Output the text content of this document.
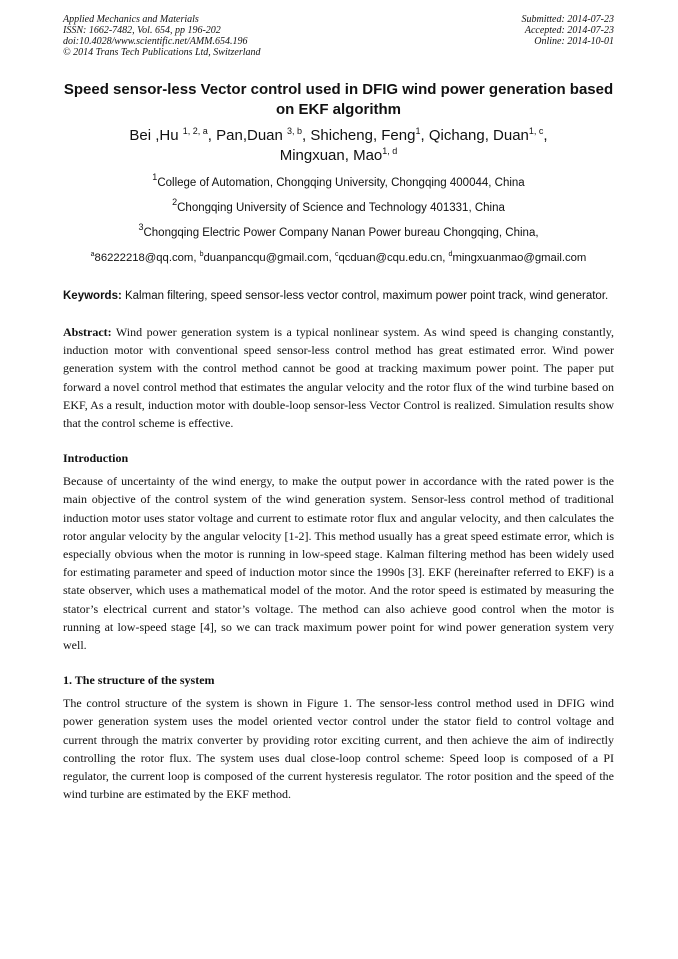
Applied Mechanics and Materials
ISSN: 1662-7482, Vol. 654, pp 196-202
doi:10.4028/www.scientific.net/AMM.654.196
© 2014 Trans Tech Publications Ltd, Switzerland
Submitted: 2014-07-23
Accepted: 2014-07-23
Online: 2014-10-01
Speed sensor-less Vector control used in DFIG wind power generation based on EKF algorithm
Bei ,Hu $^{1, 2, a}$, Pan,Duan $^{3, b}$, Shicheng, Feng$^1$, Qichang, Duan$^{1, c}$,
Mingxuan, Mao$^{1, d}$
$^1$College of Automation, Chongqing University, Chongqing 400044, China
$^2$Chongqing University of Science and Technology 401331, China
$^3$Chongqing Electric Power Company Nanan Power bureau Chongqing, China,
$^a$86222218@qq.com, $^b$duanpancqu@gmail.com, $^c$qcduan@cqu.edu.cn, $^d$mingxuanmao@gmail.com
Keywords: Kalman filtering, speed sensor-less vector control, maximum power point track, wind generator.
Abstract: Wind power generation system is a typical nonlinear system. As wind speed is changing constantly, induction motor with conventional speed sensor-less control method has great estimated error. Wind power generation system with the control method cannot be good at tracking maximum power point. The paper put forward a novel control method that estimates the angular velocity and the rotor flux of the wind turbine based on EKF, As a result, induction motor with double-loop sensor-less Vector Control is realized. Simulation results show that the control scheme is effective.
Introduction

Because of uncertainty of the wind energy, to make the output power in accordance with the rated power is the main objective of the control system of the wind generation system. Sensor-less control method of traditional induction motor uses stator voltage and current to estimate rotor flux and angular velocity, and then calculates the rotor angular velocity by the angular velocity [1-2]. This method usually has a great speed estimate error, which is especially obvious when the motor is running in low-speed stage. Kalman filtering method has been widely used for estimating parameter and speed of induction motor since the 1990s [3]. EKF (hereinafter referred to EKF) is a state observer, which uses a mathematical model of the motor. And the rotor speed is estimated by measuring the stator’s electrical current and stator’s voltage. The method can also achieve good control when the motor is running at low-speed stage [4], so we can track maximum power point for wind power generation system very well.

1. The structure of the system

The control structure of the system is shown in Figure 1. The sensor-less control method used in DFIG wind power generation system uses the model oriented vector control under the stator field to control voltage and current through the matrix converter by providing rotor exciting current, and then achieve the aim of indirectly controlling the rotor flux. The system uses dual close-loop control scheme: Speed loop is composed of a PI regulator, the current loop is composed of the current hysteresis regulator. The rotor position and the speed of the wind turbine are estimated by the EKF method.
